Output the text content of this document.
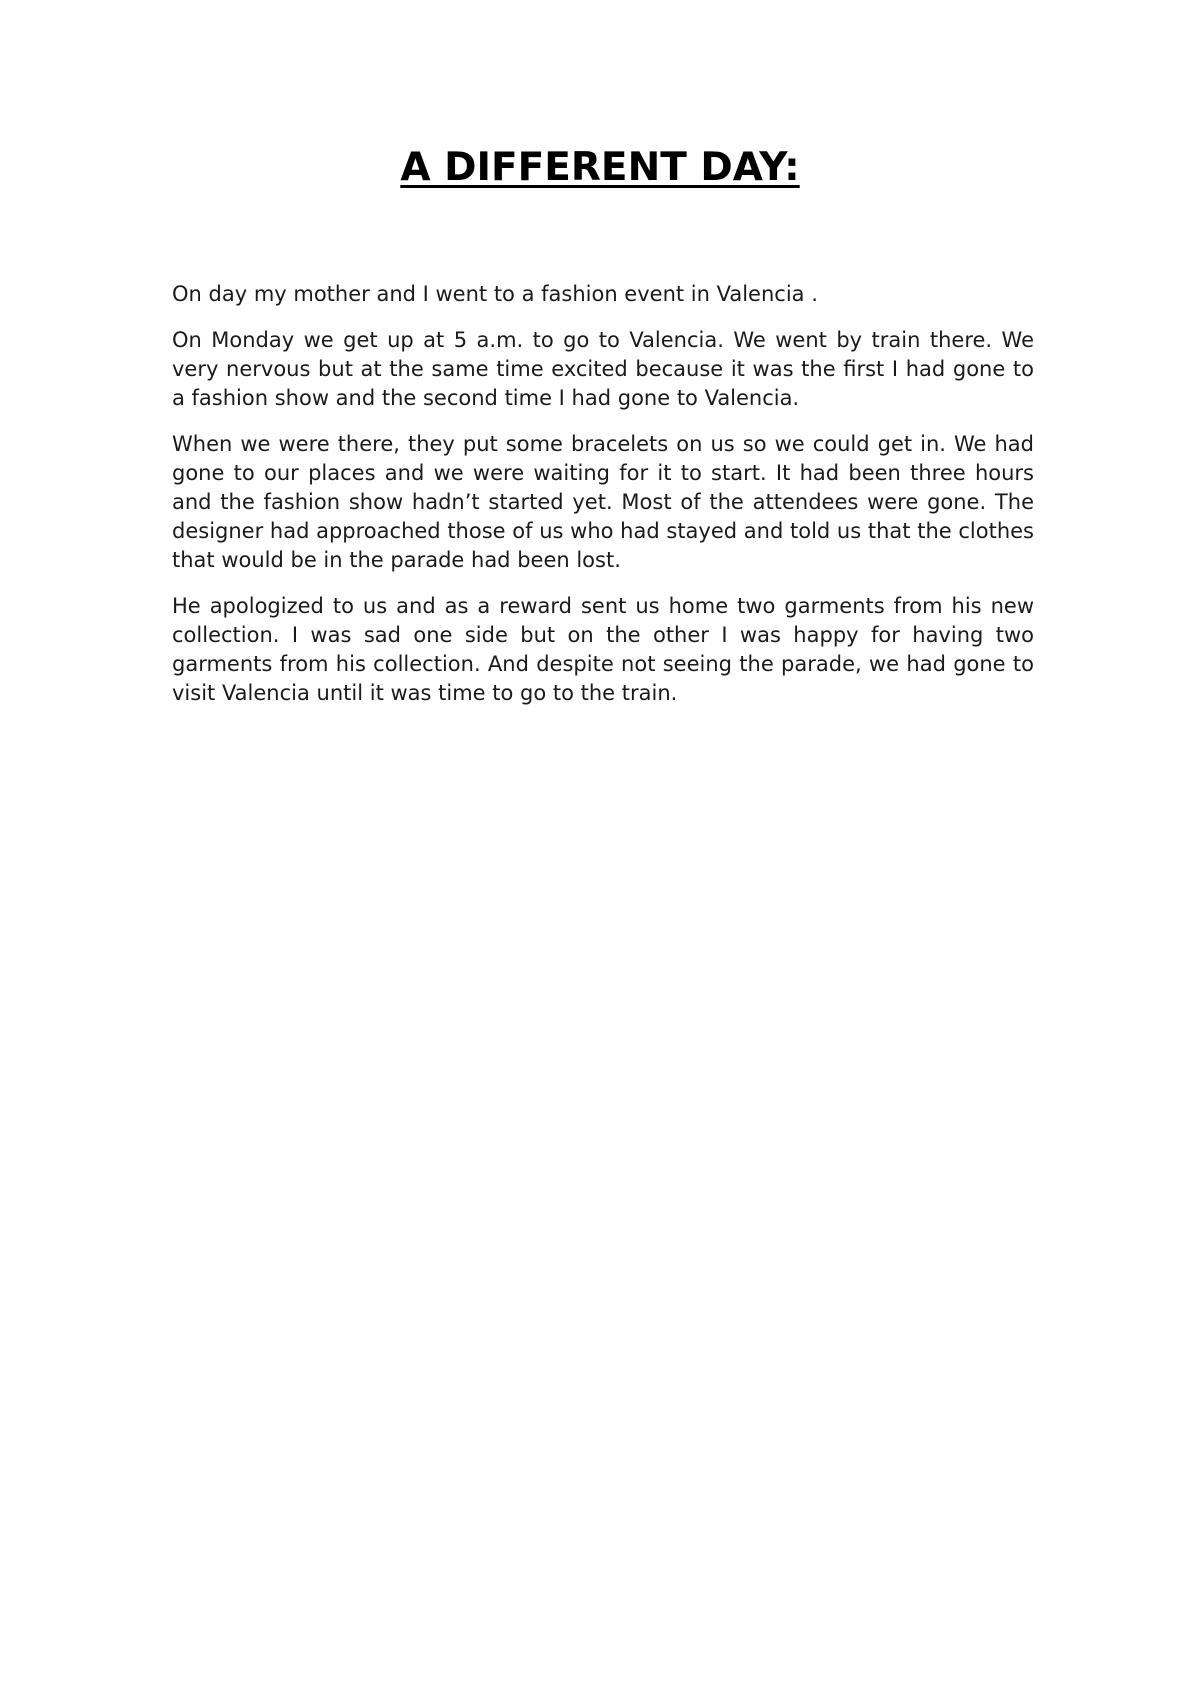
A DIFFERENT DAY:

On day my mother and I went to a fashion event in Valencia .

On Monday we get up at 5 a.m. to go to Valencia. We went by train there. We very nervous but at the same time excited because it was the first I had gone to a fashion show and the second time I had gone to Valencia.

When we were there, they put some bracelets on us so we could get in. We had gone to our places and we were waiting for it to start. It had been three hours and the fashion show hadn’t started yet. Most of the attendees were gone. The designer had approached those of us who had stayed and told us that the clothes that would be in the parade had been lost.

He apologized to us and as a reward sent us home two garments from his new collection. I was sad one side but on the other I was happy for having two garments from his collection. And despite not seeing the parade, we had gone to visit Valencia until it was time to go to the train.
